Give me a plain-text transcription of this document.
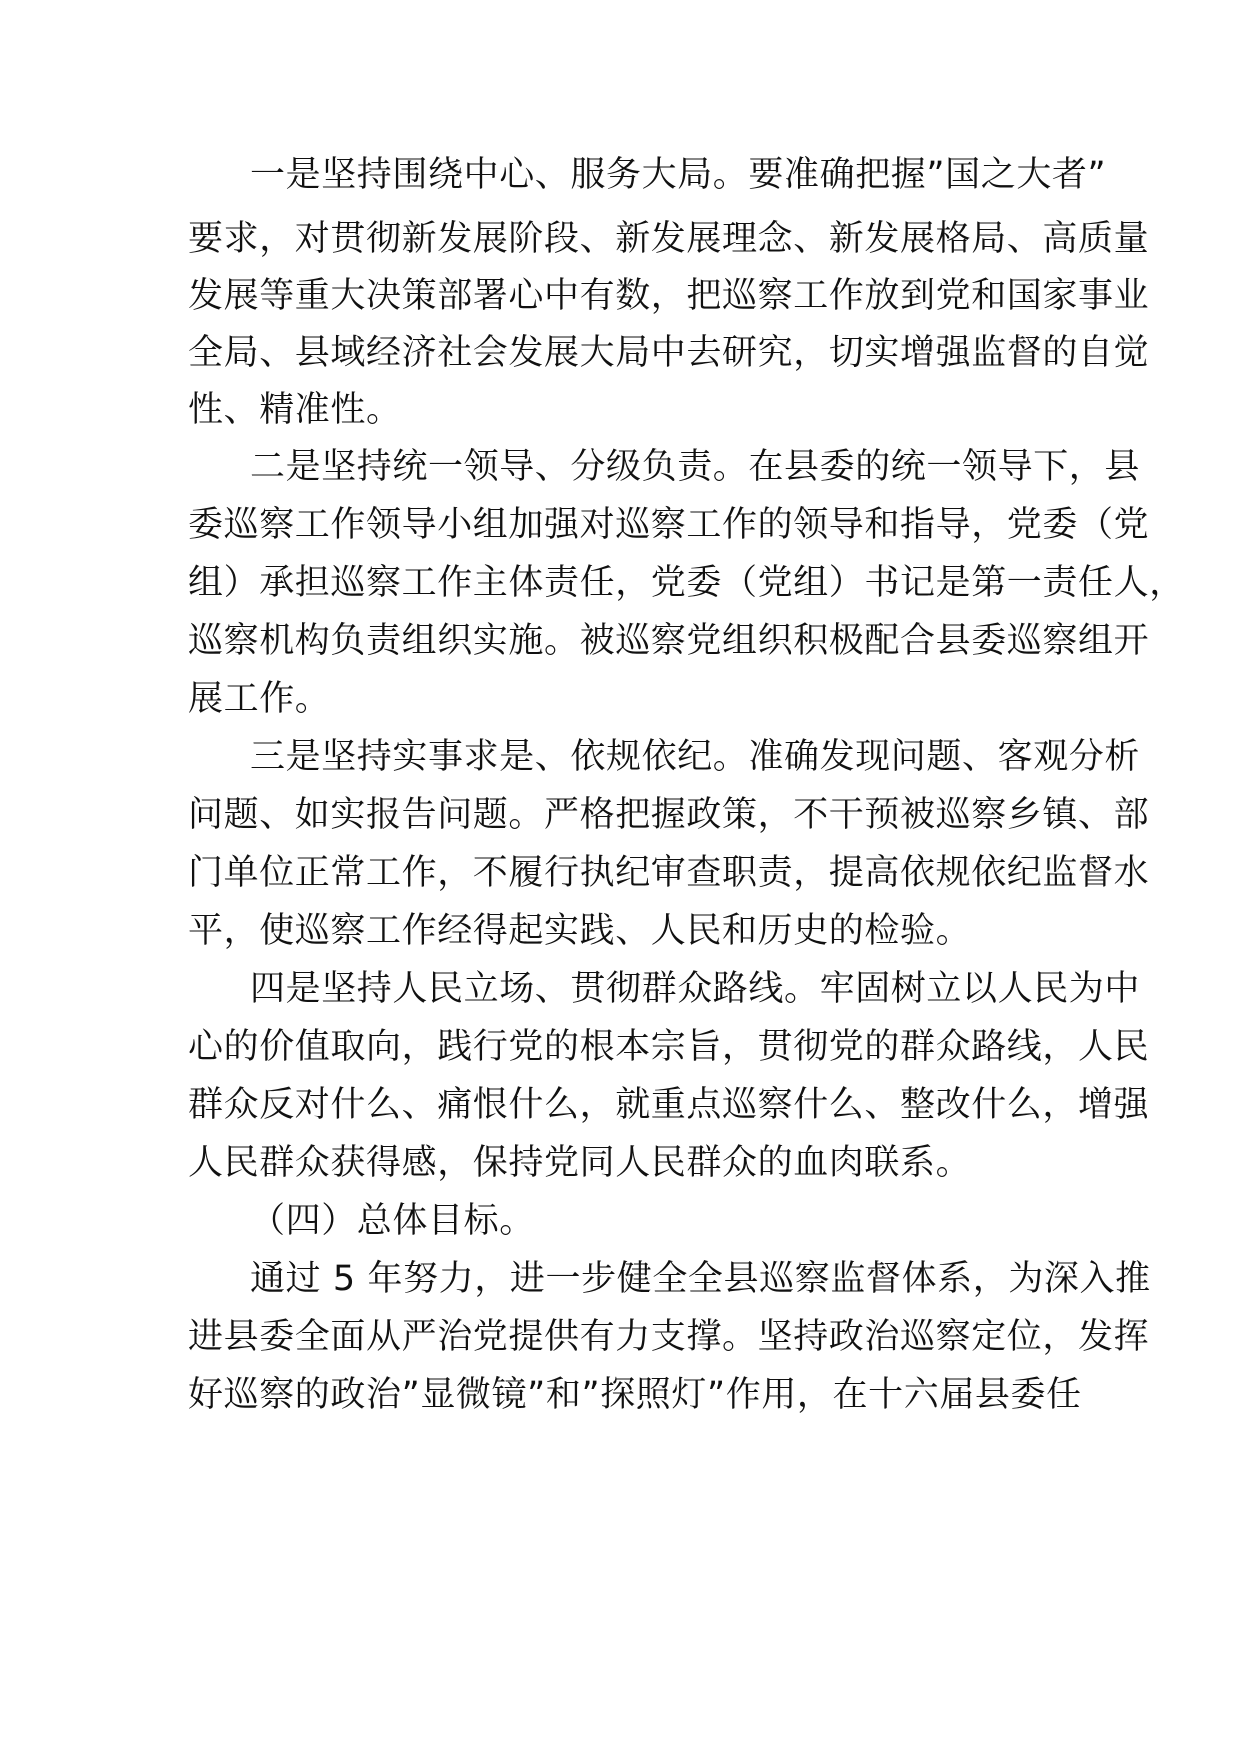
一是坚持围绕中心、服务大局。要准确把握”国之大者”
要求，对贯彻新发展阶段、新发展理念、新发展格局、高质量
发展等重大决策部署心中有数，把巡察工作放到党和国家事业
全局、县域经济社会发展大局中去研究，切实增强监督的自觉
性、精准性。
二是坚持统一领导、分级负责。在县委的统一领导下，县
委巡察工作领导小组加强对巡察工作的领导和指导，党委（党
组）承担巡察工作主体责任，党委（党组）书记是第一责任人，
巡察机构负责组织实施。被巡察党组织积极配合县委巡察组开
展工作。
三是坚持实事求是、依规依纪。准确发现问题、客观分析
问题、如实报告问题。严格把握政策，不干预被巡察乡镇、部
门单位正常工作，不履行执纪审查职责，提高依规依纪监督水
平，使巡察工作经得起实践、人民和历史的检验。
四是坚持人民立场、贯彻群众路线。牢固树立以人民为中
心的价值取向，践行党的根本宗旨，贯彻党的群众路线，人民
群众反对什么、痛恨什么，就重点巡察什么、整改什么，增强
人民群众获得感，保持党同人民群众的血肉联系。
（四）总体目标。
通过 5 年努力，进一步健全全县巡察监督体系，为深入推
进县委全面从严治党提供有力支撑。坚持政治巡察定位，发挥
好巡察的政治”显微镜”和”探照灯”作用，在十六届县委任
